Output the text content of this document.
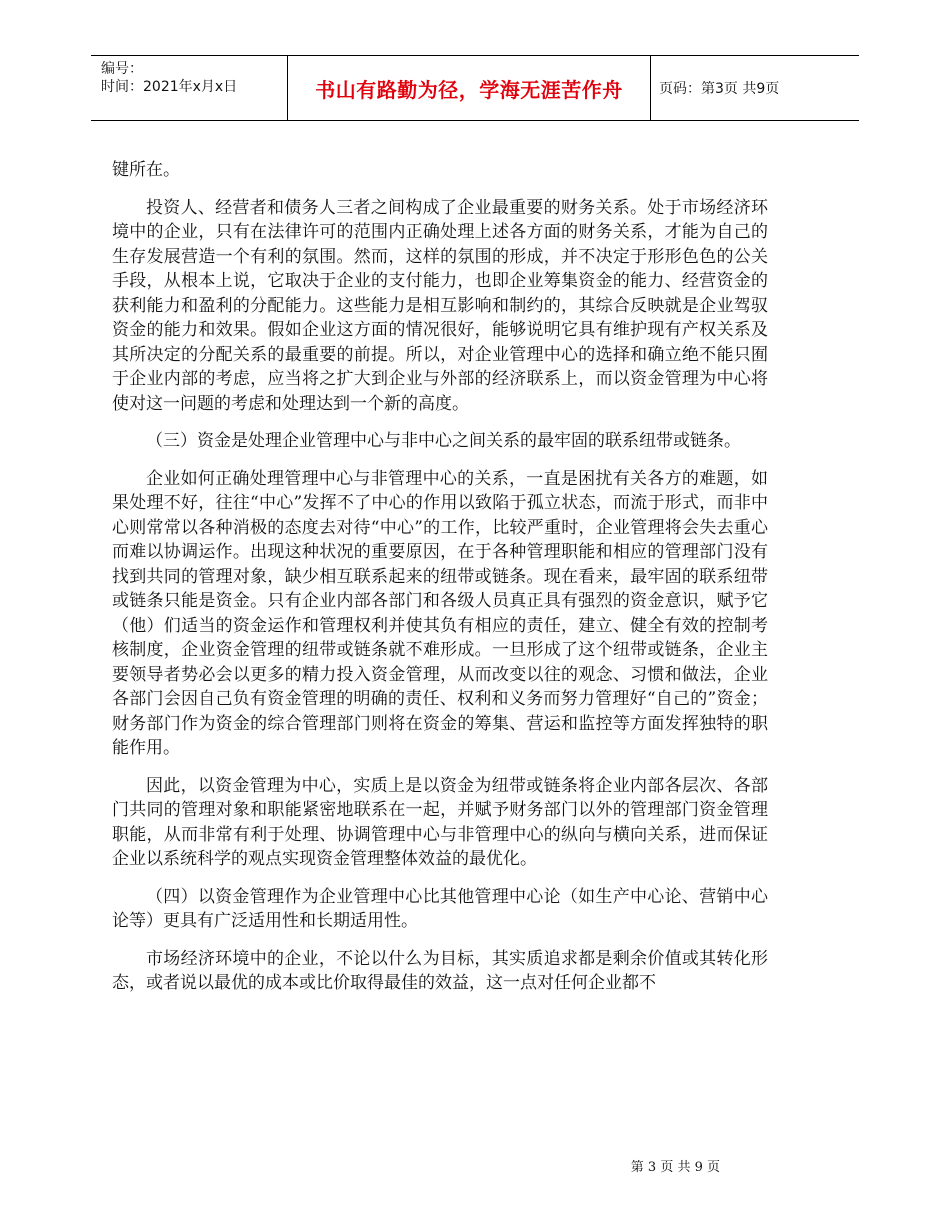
编号：
时间：2021年x月x日	书山有路勤为径，学海无涯苦作舟	页码：第3页 共9页

键所在。

投资人、经营者和债务人三者之间构成了企业最重要的财务关系。处于市场经济环境中的企业，只有在法律许可的范围内正确处理上述各方面的财务关系，才能为自己的生存发展营造一个有利的氛围。然而，这样的氛围的形成，并不决定于形形色色的公关手段，从根本上说，它取决于企业的支付能力，也即企业筹集资金的能力、经营资金的获利能力和盈利的分配能力。这些能力是相互影响和制约的，其综合反映就是企业驾驭资金的能力和效果。假如企业这方面的情况很好，能够说明它具有维护现有产权关系及其所决定的分配关系的最重要的前提。所以，对企业管理中心的选择和确立绝不能只囿于企业内部的考虑，应当将之扩大到企业与外部的经济联系上，而以资金管理为中心将使对这一问题的考虑和处理达到一个新的高度。

（三）资金是处理企业管理中心与非中心之间关系的最牢固的联系纽带或链条。

企业如何正确处理管理中心与非管理中心的关系，一直是困扰有关各方的难题，如果处理不好，往往“中心”发挥不了中心的作用以致陷于孤立状态，而流于形式，而非中心则常常以各种消极的态度去对待“中心”的工作，比较严重时，企业管理将会失去重心而难以协调运作。出现这种状况的重要原因，在于各种管理职能和相应的管理部门没有找到共同的管理对象，缺少相互联系起来的纽带或链条。现在看来，最牢固的联系纽带或链条只能是资金。只有企业内部各部门和各级人员真正具有强烈的资金意识，赋予它（他）们适当的资金运作和管理权利并使其负有相应的责任，建立、健全有效的控制考核制度，企业资金管理的纽带或链条就不难形成。一旦形成了这个纽带或链条，企业主要领导者势必会以更多的精力投入资金管理，从而改变以往的观念、习惯和做法，企业各部门会因自己负有资金管理的明确的责任、权利和义务而努力管理好“自己的”资金；财务部门作为资金的综合管理部门则将在资金的筹集、营运和监控等方面发挥独特的职能作用。

因此，以资金管理为中心，实质上是以资金为纽带或链条将企业内部各层次、各部门共同的管理对象和职能紧密地联系在一起，并赋予财务部门以外的管理部门资金管理职能，从而非常有利于处理、协调管理中心与非管理中心的纵向与横向关系，进而保证企业以系统科学的观点实现资金管理整体效益的最优化。

（四）以资金管理作为企业管理中心比其他管理中心论（如生产中心论、营销中心论等）更具有广泛适用性和长期适用性。

市场经济环境中的企业，不论以什么为目标，其实质追求都是剩余价值或其转化形态，或者说以最优的成本或比价取得最佳的效益，这一点对任何企业都不

第 3 页 共 9 页
